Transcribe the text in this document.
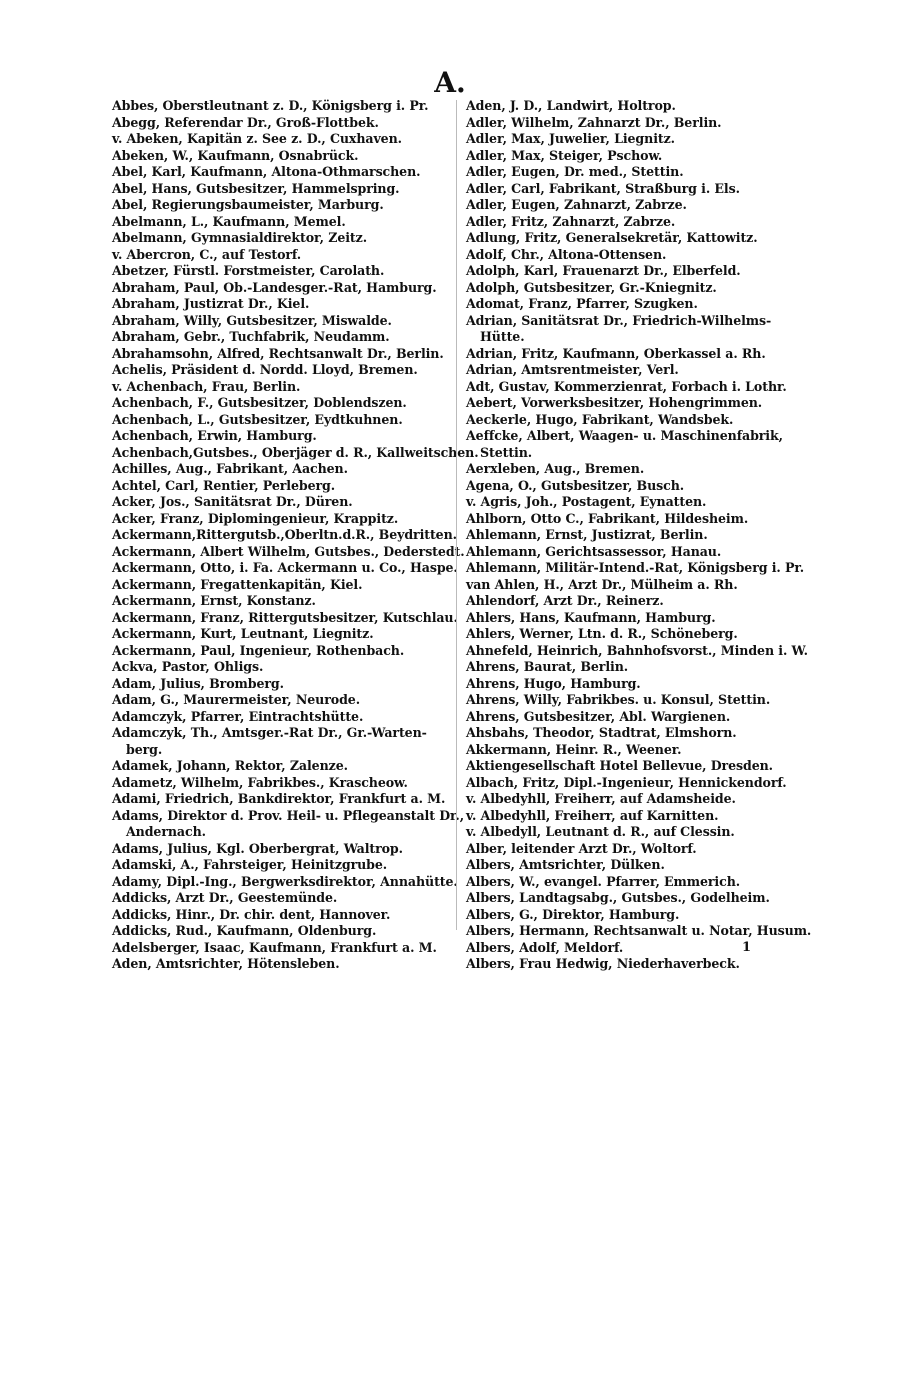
A.
Abbes, Oberstleutnant z. D., Königsberg i. Pr.
Abegg, Referendar Dr., Groß-Flottbek.
v. Abeken, Kapitän z. See z. D., Cuxhaven.
Abeken, W., Kaufmann, Osnabrück.
Abel, Karl, Kaufmann, Altona-Othmarschen.
Abel, Hans, Gutsbesitzer, Hammelspring.
Abel, Regierungsbaumeister, Marburg.
Abelmann, L., Kaufmann, Memel.
Abelmann, Gymnasialdirektor, Zeitz.
v. Abercron, C., auf Testorf.
Abetzer, Fürstl. Forstmeister, Carolath.
Abraham, Paul, Ob.-Landesger.-Rat, Hamburg.
Abraham, Justizrat Dr., Kiel.
Abraham, Willy, Gutsbesitzer, Miswalde.
Abraham, Gebr., Tuchfabrik, Neudamm.
Abrahamsohn, Alfred, Rechtsanwalt Dr., Berlin.
Achelis, Präsident d. Nordd. Lloyd, Bremen.
v. Achenbach, Frau, Berlin.
Achenbach, F., Gutsbesitzer, Doblendszen.
Achenbach, L., Gutsbesitzer, Eydtkuhnen.
Achenbach, Erwin, Hamburg.
Achenbach,Gutsbes., Oberjäger d. R., Kallweitschen.
Achilles, Aug., Fabrikant, Aachen.
Achtel, Carl, Rentier, Perleberg.
Acker, Jos., Sanitätsrat Dr., Düren.
Acker, Franz, Diplomingenieur, Krappitz.
Ackermann,Rittergutsb.,Oberltn.d.R., Beydritten.
Ackermann, Albert Wilhelm, Gutsbes., Dederstedt.
Ackermann, Otto, i. Fa. Ackermann u. Co., Haspe.
Ackermann, Fregattenkapitän, Kiel.
Ackermann, Ernst, Konstanz.
Ackermann, Franz, Rittergutsbesitzer, Kutschlau.
Ackermann, Kurt, Leutnant, Liegnitz.
Ackermann, Paul, Ingenieur, Rothenbach.
Ackva, Pastor, Ohligs.
Adam, Julius, Bromberg.
Adam, G., Maurermeister, Neurode.
Adamczyk, Pfarrer, Eintrachtshütte.
Adamczyk, Th., Amtsger.-Rat Dr., Gr.-Warten-
berg.
Adamek, Johann, Rektor, Zalenze.
Adametz, Wilhelm, Fabrikbes., Krascheow.
Adami, Friedrich, Bankdirektor, Frankfurt a. M.
Adams, Direktor d. Prov. Heil- u. Pflegeanstalt Dr.,
Andernach.
Adams, Julius, Kgl. Oberbergrat, Waltrop.
Adamski, A., Fahrsteiger, Heinitzgrube.
Adamy, Dipl.-Ing., Bergwerksdirektor, Annahütte.
Addicks, Arzt Dr., Geestemünde.
Addicks, Hinr., Dr. chir. dent, Hannover.
Addicks, Rud., Kaufmann, Oldenburg.
Adelsberger, Isaac, Kaufmann, Frankfurt a. M.
Aden, Amtsrichter, Hötensleben.
Aden, J. D., Landwirt, Holtrop.
Adler, Wilhelm, Zahnarzt Dr., Berlin.
Adler, Max, Juwelier, Liegnitz.
Adler, Max, Steiger, Pschow.
Adler, Eugen, Dr. med., Stettin.
Adler, Carl, Fabrikant, Straßburg i. Els.
Adler, Eugen, Zahnarzt, Zabrze.
Adler, Fritz, Zahnarzt, Zabrze.
Adlung, Fritz, Generalsekretär, Kattowitz.
Adolf, Chr., Altona-Ottensen.
Adolph, Karl, Frauenarzt Dr., Elberfeld.
Adolph, Gutsbesitzer, Gr.-Kniegnitz.
Adomat, Franz, Pfarrer, Szugken.
Adrian, Sanitätsrat Dr., Friedrich-Wilhelms-
Hütte.
Adrian, Fritz, Kaufmann, Oberkassel a. Rh.
Adrian, Amtsrentmeister, Verl.
Adt, Gustav, Kommerzienrat, Forbach i. Lothr.
Aebert, Vorwerksbesitzer, Hohengrimmen.
Aeckerle, Hugo, Fabrikant, Wandsbek.
Aeffcke, Albert, Waagen- u. Maschinenfabrik,
Stettin.
Aerxleben, Aug., Bremen.
Agena, O., Gutsbesitzer, Busch.
v. Agris, Joh., Postagent, Eynatten.
Ahlborn, Otto C., Fabrikant, Hildesheim.
Ahlemann, Ernst, Justizrat, Berlin.
Ahlemann, Gerichtsassessor, Hanau.
Ahlemann, Militär-Intend.-Rat, Königsberg i. Pr.
van Ahlen, H., Arzt Dr., Mülheim a. Rh.
Ahlendorf, Arzt Dr., Reinerz.
Ahlers, Hans, Kaufmann, Hamburg.
Ahlers, Werner, Ltn. d. R., Schöneberg.
Ahnefeld, Heinrich, Bahnhofsvorst., Minden i. W.
Ahrens, Baurat, Berlin.
Ahrens, Hugo, Hamburg.
Ahrens, Willy, Fabrikbes. u. Konsul, Stettin.
Ahrens, Gutsbesitzer, Abl. Wargienen.
Ahsbahs, Theodor, Stadtrat, Elmshorn.
Akkermann, Heinr. R., Weener.
Aktiengesellschaft Hotel Bellevue, Dresden.
Albach, Fritz, Dipl.-Ingenieur, Hennickendorf.
v. Albedyhll, Freiherr, auf Adamsheide.
v. Albedyhll, Freiherr, auf Karnitten.
v. Albedyll, Leutnant d. R., auf Clessin.
Alber, leitender Arzt Dr., Woltorf.
Albers, Amtsrichter, Dülken.
Albers, W., evangel. Pfarrer, Emmerich.
Albers, Landtagsabg., Gutsbes., Godelheim.
Albers, G., Direktor, Hamburg.
Albers, Hermann, Rechtsanwalt u. Notar, Husum.
Albers, Adolf, Meldorf.
Albers, Frau Hedwig, Niederhaverbeck.
1
